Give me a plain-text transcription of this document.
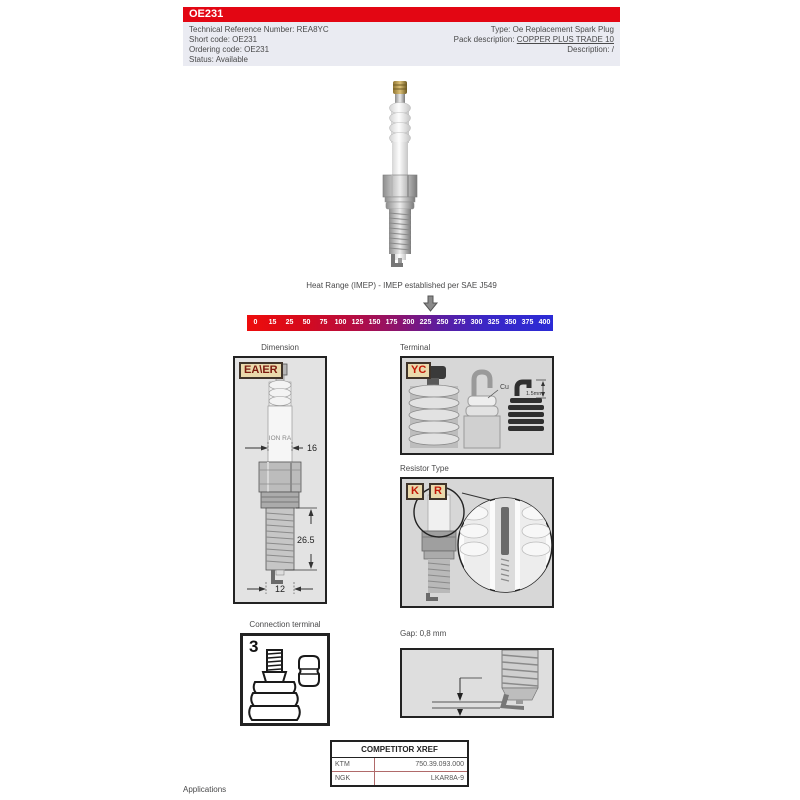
OE231
Technical Reference Number: REA8YC
Short code: OE231
Ordering code: OE231
Status: Available
Type: Oe Replacement Spark Plug
Pack description: COPPER PLUS TRADE 10
Description: /
Heat Range (IMEP) - IMEP established per SAE J549
0	15	25	50	75	100 125 150 175 200 225 250 275 300 325 350 375 400
Dimension
EA\ER
ION RA
16
26.5
12
Terminal
YC
Cu
1.5mm
Resistor Type
K	R
Connection terminal
3
Gap: 0,8 mm
COMPETITOR XREF	
KTM	750.39.093.000
NGK	LKAR8A-9
Applications
